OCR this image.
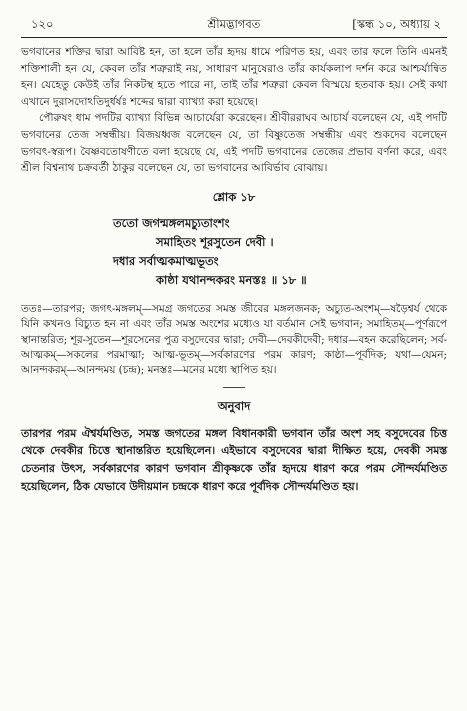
১২০	শ্রীমদ্ভাগবত	[স্কন্ধ ১০, অধ্যায় ২

ভগবানের শক্তির দ্বারা আবিষ্ট হন, তা হলে তাঁর হৃদয় ধামে পরিণত হয়, এবং তার ফলে তিনি এমনই শক্তিশালী হন যে, কেবল তাঁর শত্রুরাই নয়, সাধারণ মানুষেরাও তাঁর কার্যকলাপ দর্শন করে আশ্চর্যান্বিত হন। যেহেতু কেউই তাঁর নিকটস্থ হতে পারে না, তাই তাঁর শত্রুরা কেবল বিস্ময়ে হতবাক হয়। সেই কথা এখানে দুরাসদোঽতিদুর্ধর্ষঃ শব্দের দ্বারা ব্যাখ্যা করা হয়েছে।

পৌরুষং ধাম পদটির ব্যাখ্যা বিভিন্ন আচার্যেরা করেছেন। শ্রীবীররাঘব আচার্য বলেছেন যে, এই পদটি ভগবানের তেজ সম্বন্ধীয়। বিজয়ধ্বজ বলেছেন যে, তা বিষ্ণুতেজ সম্বন্ধীয় এবং শুকদেব বলেছেন ভগবৎ-স্বরূপ। বৈষ্ণবতোষণীতে বলা হয়েছে যে, এই পদটি ভগবানের তেজের প্রভাব বর্ণনা করে, এবং শ্রীল বিশ্বনাথ চক্রবর্তী ঠাকুর বলেছেন যে, তা ভগবানের আবির্ভাব বোঝায়।

শ্লোক ১৮
ততো জগন্মঙ্গলমচ্যুতাংশং
সমাহিতং শূরসুতেন দেবী ।
দধার সর্বাত্মকমাত্মভূতং
কাষ্ঠা যথানন্দকরং মনস্তঃ ॥ ১৮ ॥

ততঃ—তারপর; জগৎ-মঙ্গলম্—সমগ্র জগতের সমস্ত জীবের মঙ্গলজনক; অচ্যুত-অংশম্—ষড়ৈশ্বর্য থেকে যিনি কখনও বিচ্যুত হন না এবং তাঁর সমস্ত অংশের মধ্যেও যা বর্তমান সেই ভগবান; সমাহিতম্—পূর্ণরূপে স্থানান্তরিত; শূর-সুতেন—শূরসেনের পুত্র বসুদেবের দ্বারা; দেবী—দেবকীদেবী; দধার—বহন করেছিলেন; সর্ব-আত্মকম্—সকলের পরমাত্মা; আত্ম-ভূতম্—সর্বকারণের পরম কারণ; কাষ্ঠা—পূর্বদিক; যথা—যেমন; আনন্দকরম্—আনন্দময় (চন্দ্র); মনস্তঃ—মনের মধ্যে স্থাপিত হয়।

অনুবাদ

তারপর পরম ঐশ্বর্যমণ্ডিত, সমস্ত জগতের মঙ্গল বিধানকারী ভগবান তাঁর অংশ সহ বসুদেবের চিত্ত থেকে দেবকীর চিত্তে স্থানান্তরিত হয়েছিলেন। এইভাবে বসুদেবের দ্বারা দীক্ষিত হয়ে, দেবকী সমস্ত চেতনার উৎস, সর্বকারণের কারণ ভগবান শ্রীকৃষ্ণকে তাঁর হৃদয়ে ধারণ করে পরম সৌন্দর্যমণ্ডিত হয়েছিলেন, ঠিক যেভাবে উদীয়মান চন্দ্রকে ধারণ করে পূর্বদিক সৌন্দর্যমণ্ডিত হয়।
